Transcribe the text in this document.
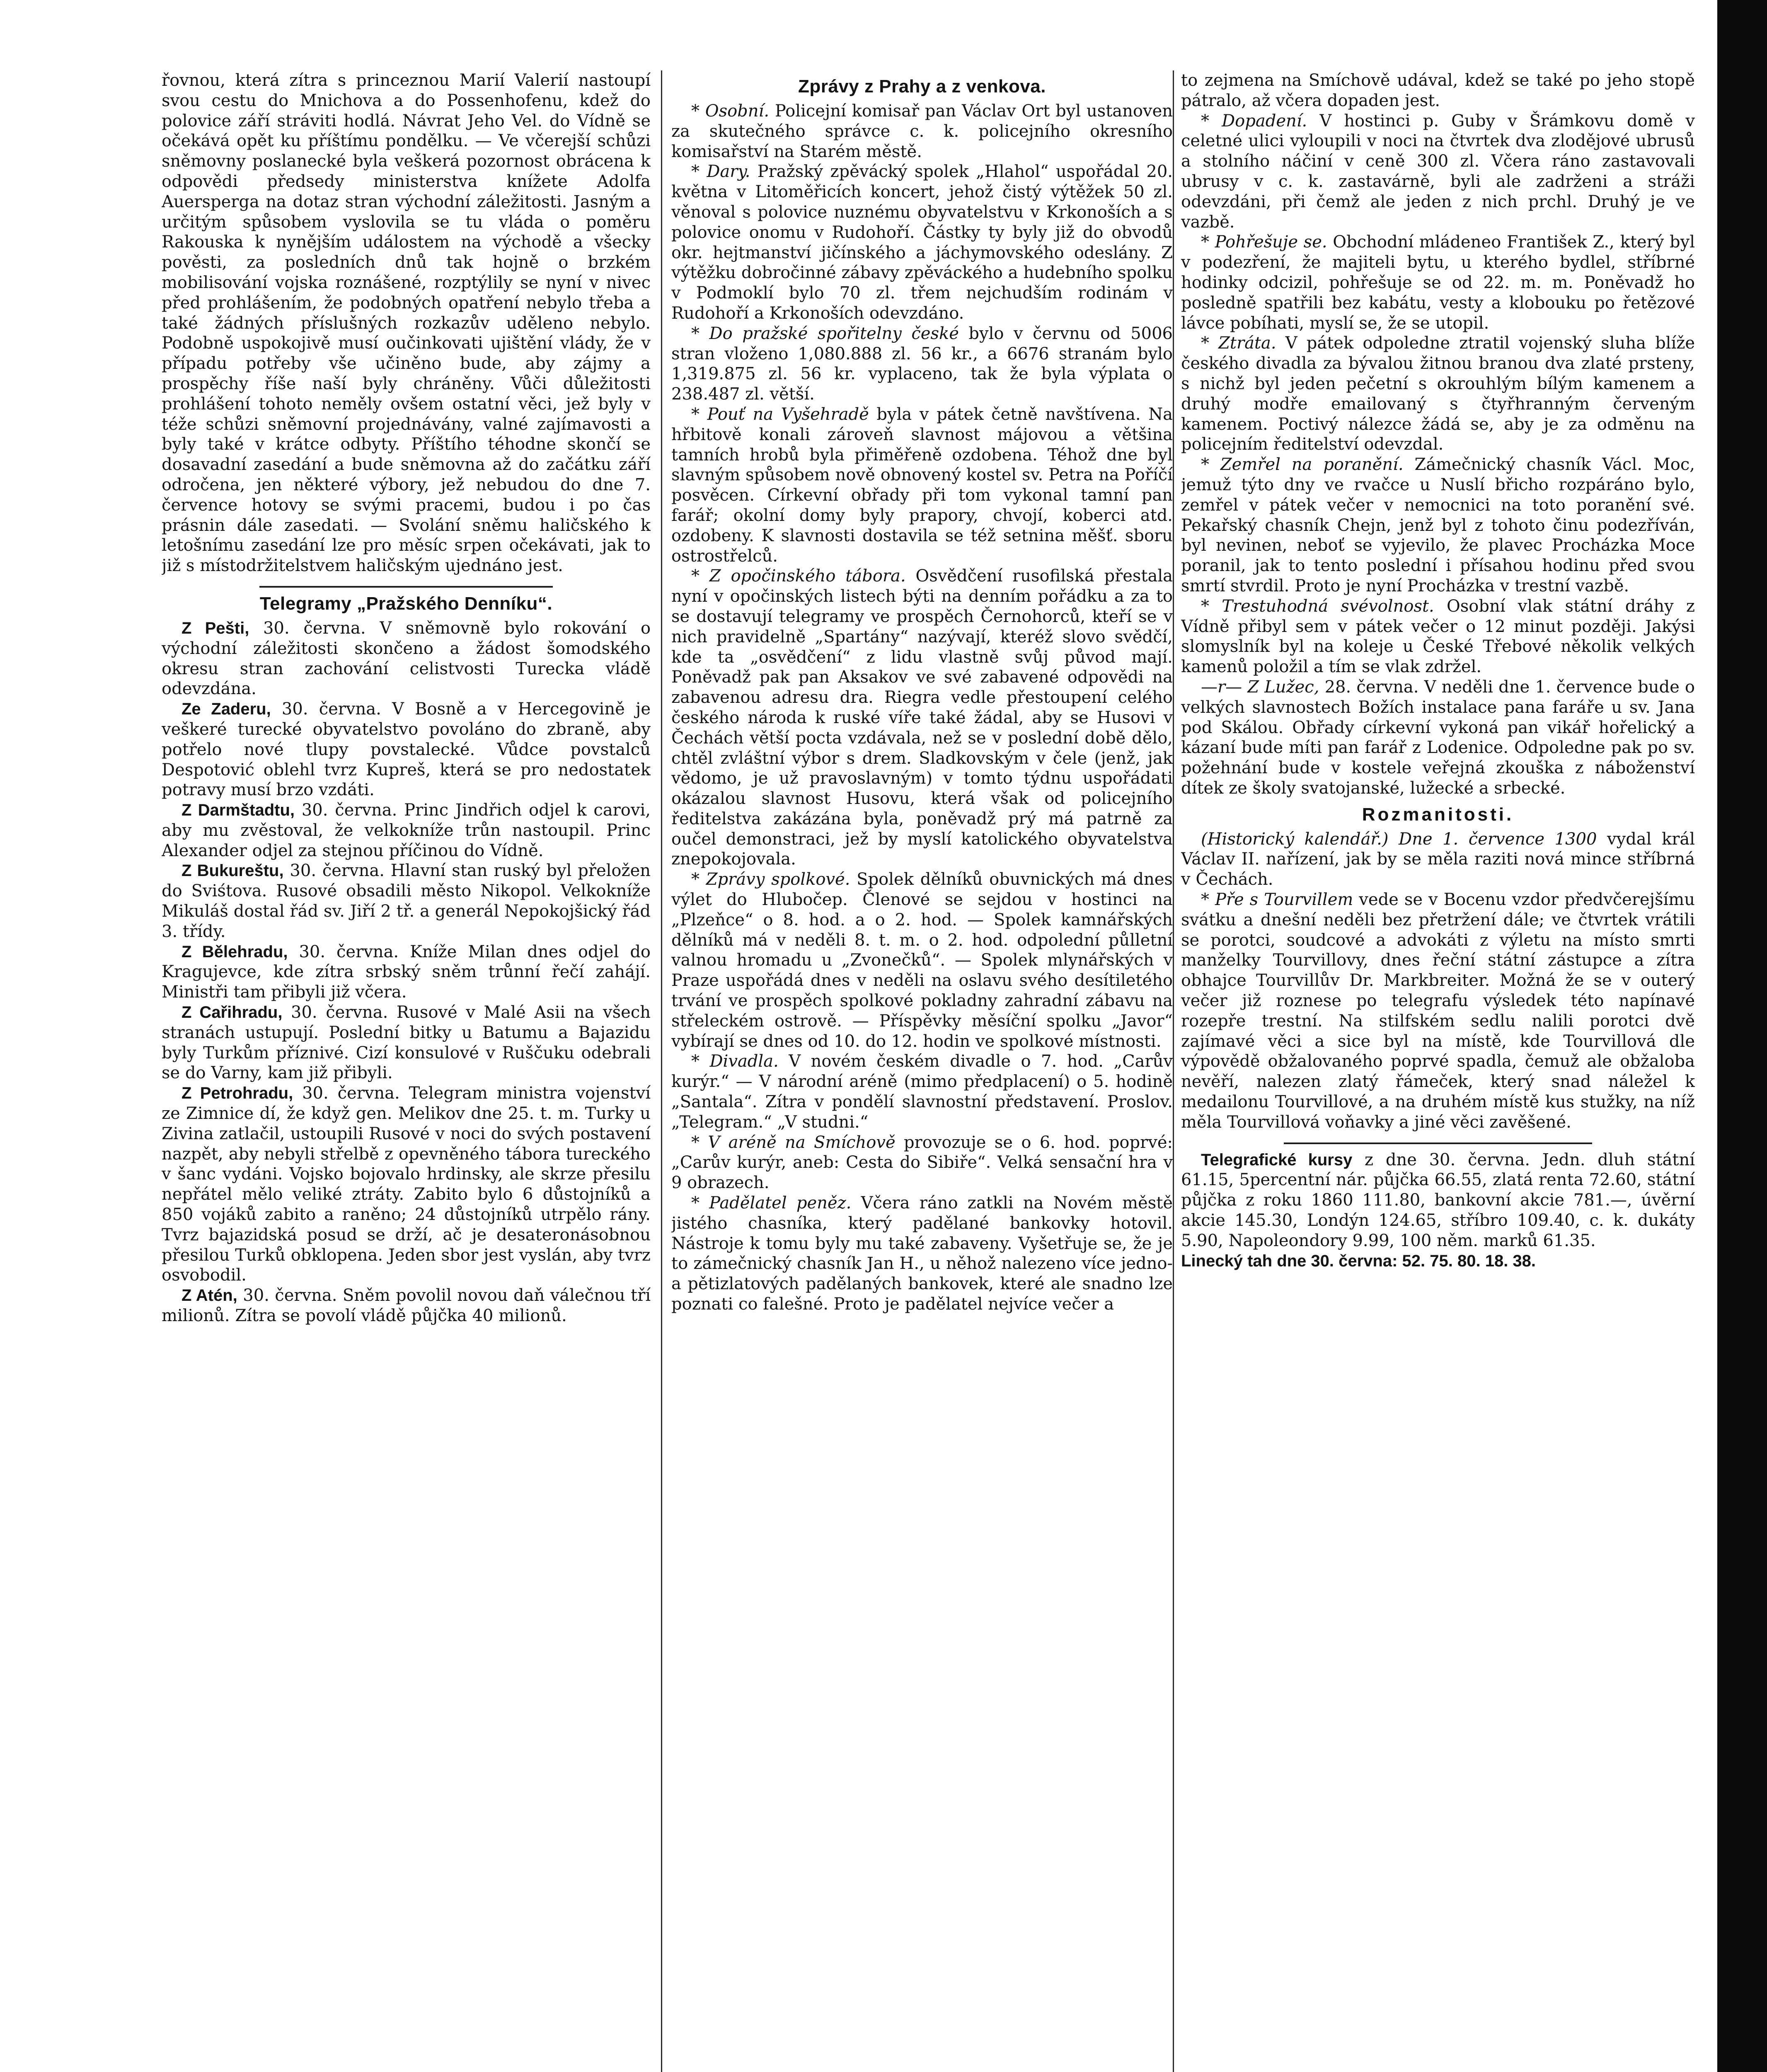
řovnou, která zítra s princeznou Marií Valerií nastoupí svou cestu do Mnichova a do Possenhofenu, kdež do polovice září stráviti hodlá. Návrat Jeho Vel. do Vídně se očekává opět ku příštímu pondělku. — Ve včerejší schůzi sněmovny poslanecké byla veškerá pozornost obrácena k odpovědi předsedy ministerstva knížete Adolfa Auersperga na dotaz stran východní záležitosti. Jasným a určitým spůsobem vyslovila se tu vláda o poměru Rakouska k nynějším událostem na východě a všecky pověsti, za posledních dnů tak hojně o brzkém mobilisování vojska roznášené, rozptýlily se nyní v nivec před prohlášením, že podobných opatření nebylo třeba a také žádných příslušných rozkazův uděleno nebylo. Podobně uspokojivě musí oučinkovati ujištění vlády, že v případu potřeby vše učiněno bude, aby zájmy a prospěchy říše naší byly chráněny. Vůči důležitosti prohlášení tohoto neměly ovšem ostatní věci, jež byly v téže schůzi sněmovní projednávány, valné zajímavosti a byly také v krátce odbyty. Příštího téhodne skončí se dosavadní zasedání a bude sněmovna až do začátku září odročena, jen některé výbory, jež nebudou do dne 7. července hotovy se svými pracemi, budou i po čas prásnin dále zasedati. — Svolání sněmu haličského k letošnímu zasedání lze pro měsíc srpen očekávati, jak to již s místodržitelstvem haličským ujednáno jest.

Telegramy „Pražského Denníku“.

Z Pešti, 30. června. V sněmovně bylo rokování o východní záležitosti skončeno a žádost šomodského okresu stran zachování celistvosti Turecka vládě odevzdána.

Ze Zaderu, 30. června. V Bosně a v Hercegovině je veškeré turecké obyvatelstvo povoláno do zbraně, aby potřelo nové tlupy povstalecké. Vůdce povstalců Despotović oblehl tvrz Kupreš, která se pro nedostatek potravy musí brzo vzdáti.

Z Darmštadtu, 30. června. Princ Jindřich odjel k carovi, aby mu zvěstoval, že velkokníže trůn nastoupil. Princ Alexander odjel za stejnou příčinou do Vídně.

Z Bukureštu, 30. června. Hlavní stan ruský byl přeložen do Sviśtova. Rusové obsadili město Nikopol. Velkokníže Mikuláš dostal řád sv. Jiří 2 tř. a generál Nepokojšický řád 3. třídy.

Z Bělehradu, 30. června. Kníže Milan dnes odjel do Kragujevce, kde zítra srbský sněm trůnní řečí zahájí. Ministři tam přibyli již včera.

Z Cařihradu, 30. června. Rusové v Malé Asii na všech stranách ustupují. Poslední bitky u Batumu a Bajazidu byly Turkům příznivé. Cizí konsulové v Ruščuku odebrali se do Varny, kam již přibyli.

Z Petrohradu, 30. června. Telegram ministra vojenství ze Zimnice dí, že když gen. Melikov dne 25. t. m. Turky u Zivina zatlačil, ustoupili Rusové v noci do svých postavení nazpět, aby nebyli střelbě z opevněného tábora tureckého v šanc vydáni. Vojsko bojovalo hrdinsky, ale skrze přesilu nepřátel mělo veliké ztráty. Zabito bylo 6 důstojníků a 850 vojáků zabito a raněno; 24 důstojníků utrpělo rány. Tvrz bajazidská posud se drží, ač je desateronásobnou přesilou Turků obklopena. Jeden sbor jest vyslán, aby tvrz osvobodil.

Z Atén, 30. června. Sněm povolil novou daň válečnou tří milionů. Zítra se povolí vládě půjčka 40 milionů.

Zprávy z Prahy a z venkova.

* Osobní. Policejní komisař pan Václav Ort byl ustanoven za skutečného správce c. k. policejního okresního komisařství na Starém městě.

* Dary. Pražský zpěvácký spolek „Hlahol“ uspořádal 20. května v Litoměřicích koncert, jehož čistý výtěžek 50 zl. věnoval s polovice nuznému obyvatelstvu v Krkonoších a s polovice onomu v Rudohoří. Částky ty byly již do obvodů okr. hejtmanství jičínského a jáchymovského odeslány. Z výtěžku dobročinné zábavy zpěváckého a hudebního spolku v Podmoklí bylo 70 zl. třem nejchudším rodinám v Rudohoří a Krkonoších odevzdáno.

* Do pražské spořitelny české bylo v červnu od 5006 stran vloženo 1,080.888 zl. 56 kr., a 6676 stranám bylo 1,319.875 zl. 56 kr. vyplaceno, tak že byla výplata o 238.487 zl. větší.

* Pouť na Vyšehradě byla v pátek četně navštívena. Na hřbitově konali zároveň slavnost májovou a většina tamních hrobů byla přiměřeně ozdobena. Téhož dne byl slavným spůsobem nově obnovený kostel sv. Petra na Poříčí posvěcen. Církevní obřady při tom vykonal tamní pan farář; okolní domy byly prapory, chvojí, koberci atd. ozdobeny. K slavnosti dostavila se též setnina měšť. sboru ostrostřelců.

* Z opočinského tábora. Osvědčení rusofilská přestala nyní v opočinských listech býti na denním pořádku a za to se dostavují telegramy ve prospěch Černohorců, kteří se v nich pravidelně „Spartány“ nazývají, kteréž slovo svědčí, kde ta „osvědčení“ z lidu vlastně svůj původ mají. Poněvadž pak pan Aksakov ve své zabavené odpovědi na zabavenou adresu dra. Riegra vedle přestoupení celého českého národa k ruské víře také žádal, aby se Husovi v Čechách větší pocta vzdávala, než se v poslední době dělo, chtěl zvláštní výbor s drem. Sladkovským v čele (jenž, jak vědomo, je už pravoslavným) v tomto týdnu uspořádati okázalou slavnost Husovu, která však od policejního ředitelstva zakázána byla, poněvadž prý má patrně za oučel demonstraci, jež by myslí katolického obyvatelstva znepokojovala.

* Zprávy spolkové. Spolek dělníků obuvnických má dnes výlet do Hlubočep. Členové se sejdou v hostinci na „Plzeňce“ o 8. hod. a o 2. hod. — Spolek kamnářských dělníků má v neděli 8. t. m. o 2. hod. odpolední půlletní valnou hromadu u „Zvonečků“. — Spolek mlynářských v Praze uspořádá dnes v neděli na oslavu svého desítiletého trvání ve prospěch spolkové pokladny zahradní zábavu na střeleckém ostrově. — Příspěvky měsíční spolku „Javor“ vybírají se dnes od 10. do 12. hodin ve spolkové místnosti.

* Divadla. V novém českém divadle o 7. hod. „Carův kurýr.“ — V národní aréně (mimo předplacení) o 5. hodině „Santala“. Zítra v pondělí slavnostní představení. Proslov. „Telegram.“ „V studni.“

* V aréně na Smíchově provozuje se o 6. hod. poprvé: „Carův kurýr, aneb: Cesta do Sibiře“. Velká sensační hra v 9 obrazech.

* Padělatel peněz. Včera ráno zatkli na Novém městě jistého chasníka, který padělané bankovky hotovil. Nástroje k tomu byly mu také zabaveny. Vyšetřuje se, že je to zámečnický chasník Jan H., u něhož nalezeno více jedno- a pětizlatových padělaných bankovek, které ale snadno lze poznati co falešné. Proto je padělatel nejvíce večer a

to zejmena na Smíchově udával, kdež se také po jeho stopě pátralo, až včera dopaden jest.

* Dopadení. V hostinci p. Guby v Šrámkovu domě v celetné ulici vyloupili v noci na čtvrtek dva zlodějové ubrusů a stolního náčiní v ceně 300 zl. Včera ráno zastavovali ubrusy v c. k. zastavárně, byli ale zadrženi a stráži odevzdáni, při čemž ale jeden z nich prchl. Druhý je ve vazbě.

* Pohřešuje se. Obchodní mládeneo František Z., který byl v podezření, že majiteli bytu, u kterého bydlel, stříbrné hodinky odcizil, pohřešuje se od 22. m. m. Poněvadž ho posledně spatřili bez kabátu, vesty a klobouku po řetězové lávce pobíhati, myslí se, že se utopil.

* Ztráta. V pátek odpoledne ztratil vojenský sluha blíže českého divadla za bývalou žitnou branou dva zlaté prsteny, s nichž byl jeden pečetní s okrouhlým bílým kamenem a druhý modře emailovaný s čtyřhranným červeným kamenem. Poctivý nálezce žádá se, aby je za odměnu na policejním ředitelství odevzdal.

* Zemřel na poranění. Zámečnický chasník Václ. Moc, jemuž týto dny ve rvačce u Nuslí břicho rozpáráno bylo, zemřel v pátek večer v nemocnici na toto poranění své. Pekařský chasník Chejn, jenž byl z tohoto činu podezříván, byl nevinen, neboť se vyjevilo, že plavec Procházka Moce poranil, jak to tento poslední i přísahou hodinu před svou smrtí stvrdil. Proto je nyní Procházka v trestní vazbě.

* Trestuhodná svévolnost. Osobní vlak státní dráhy z Vídně přibyl sem v pátek večer o 12 minut později. Jakýsi slomyslník byl na koleje u České Třebové několik velkých kamenů položil a tím se vlak zdržel.

—r— Z Lužec, 28. června. V neděli dne 1. července bude o velkých slavnostech Božích instalace pana faráře u sv. Jana pod Skálou. Obřady církevní vykoná pan vikář hořelický a kázaní bude míti pan farář z Lodenice. Odpoledne pak po sv. požehnání bude v kostele veřejná zkouška z náboženství dítek ze školy svatojanské, lužecké a srbecké.

Rozmanitosti.

(Historický kalendář.) Dne 1. července 1300 vydal král Václav II. nařízení, jak by se měla raziti nová mince stříbrná v Čechách.

* Pře s Tourvillem vede se v Bocenu vzdor předvčerejšímu svátku a dnešní neděli bez přetržení dále; ve čtvrtek vrátili se porotci, soudcové a advokáti z výletu na místo smrti manželky Tourvillovy, dnes řeční státní zástupce a zítra obhajce Tourvillův Dr. Markbreiter. Možná že se v outerý večer již roznese po telegrafu výsledek této napínavé rozepře trestní. Na stilfském sedlu nalili porotci dvě zajímavé věci a sice byl na místě, kde Tourvillová dle výpovědě obžalovaného poprvé spadla, čemuž ale obžaloba nevěří, nalezen zlatý řámeček, který snad náležel k medailonu Tourvillové, a na druhém místě kus stužky, na níž měla Tourvillová voňavky a jiné věci zavěšené.

Telegrafické kursy z dne 30. června. Jedn. dluh státní 61.15, 5percentní nár. půjčka 66.55, zlatá renta 72.60, státní půjčka z roku 1860 111.80, bankovní akcie 781.—, úvěrní akcie 145.30, Londýn 124.65, stříbro 109.40, c. k. dukáty 5.90, Napoleondory 9.99, 100 něm. marků 61.35.

Linecký tah dne 30. června: 52. 75. 80. 18. 38.
